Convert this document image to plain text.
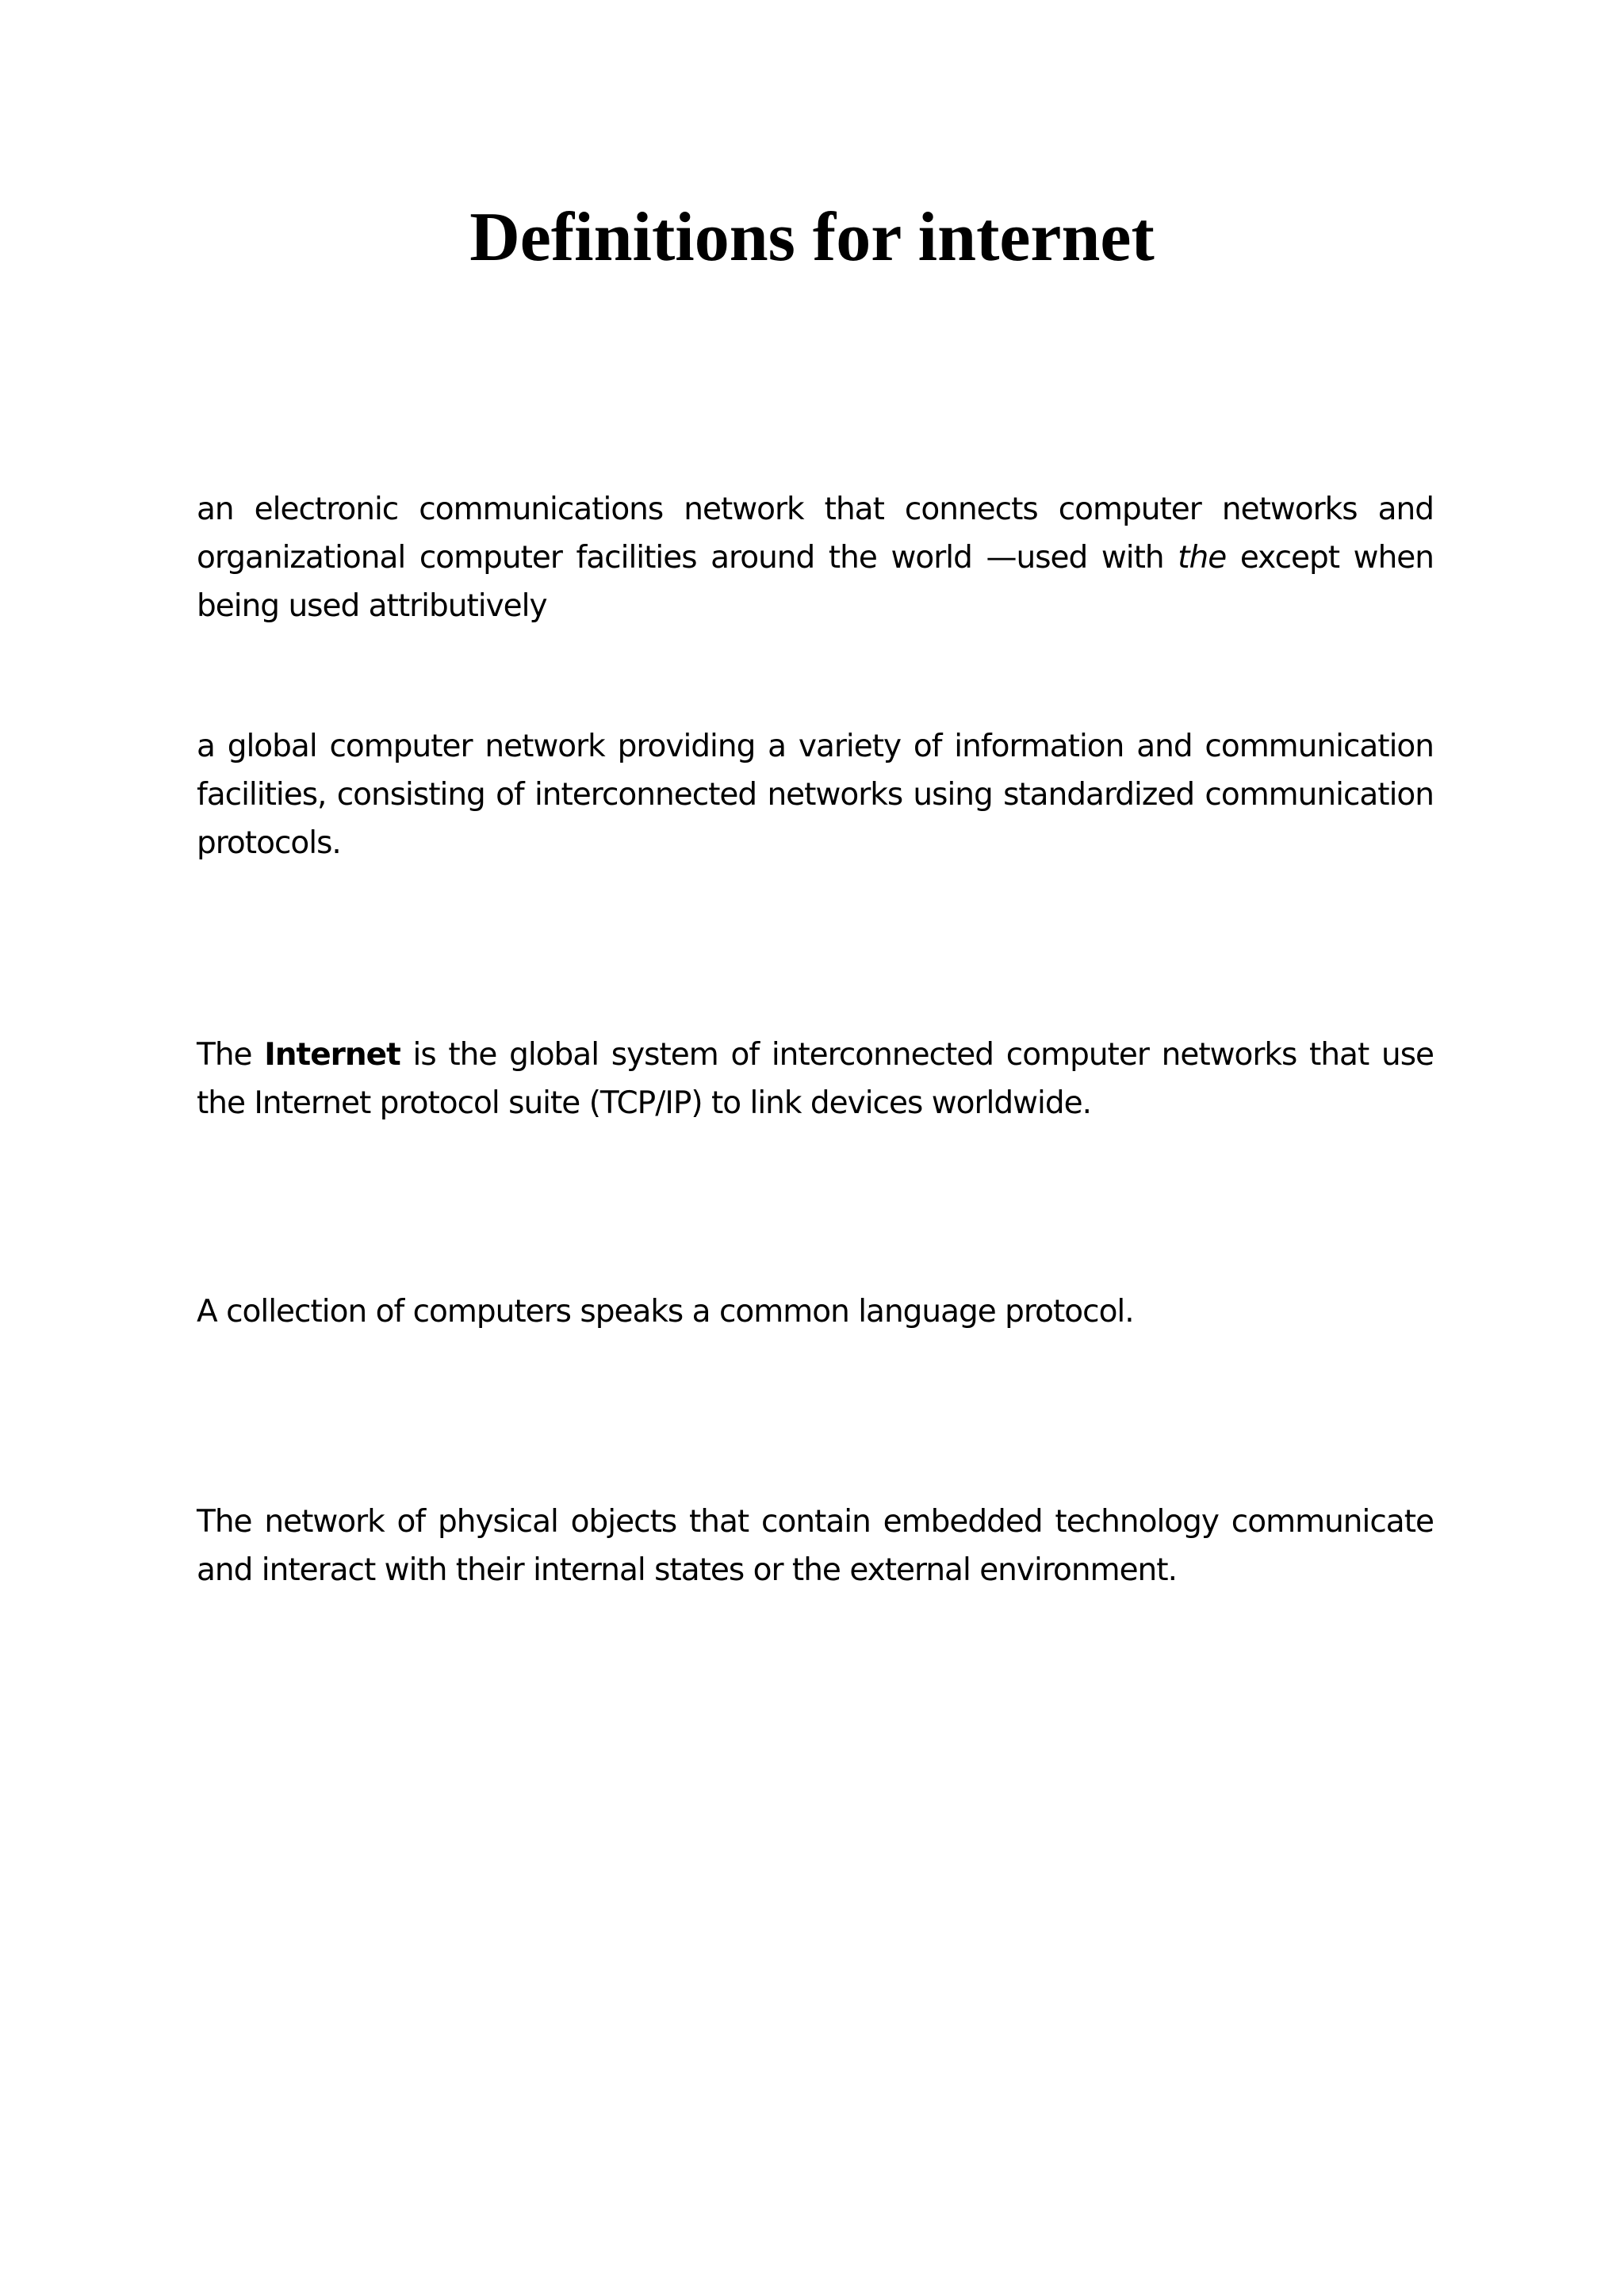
Definitions for internet

an electronic communications network that connects computer networks and organizational computer facilities around the world —used with the except when being used attributively

a global computer network providing a variety of information and communication facilities, consisting of interconnected networks using standardized communication protocols.

The Internet is the global system of interconnected computer networks that use the Internet protocol suite (TCP/IP) to link devices worldwide.

A collection of computers speaks a common language protocol.

The network of physical objects that contain embedded technology communicate and interact with their internal states or the external environment.
